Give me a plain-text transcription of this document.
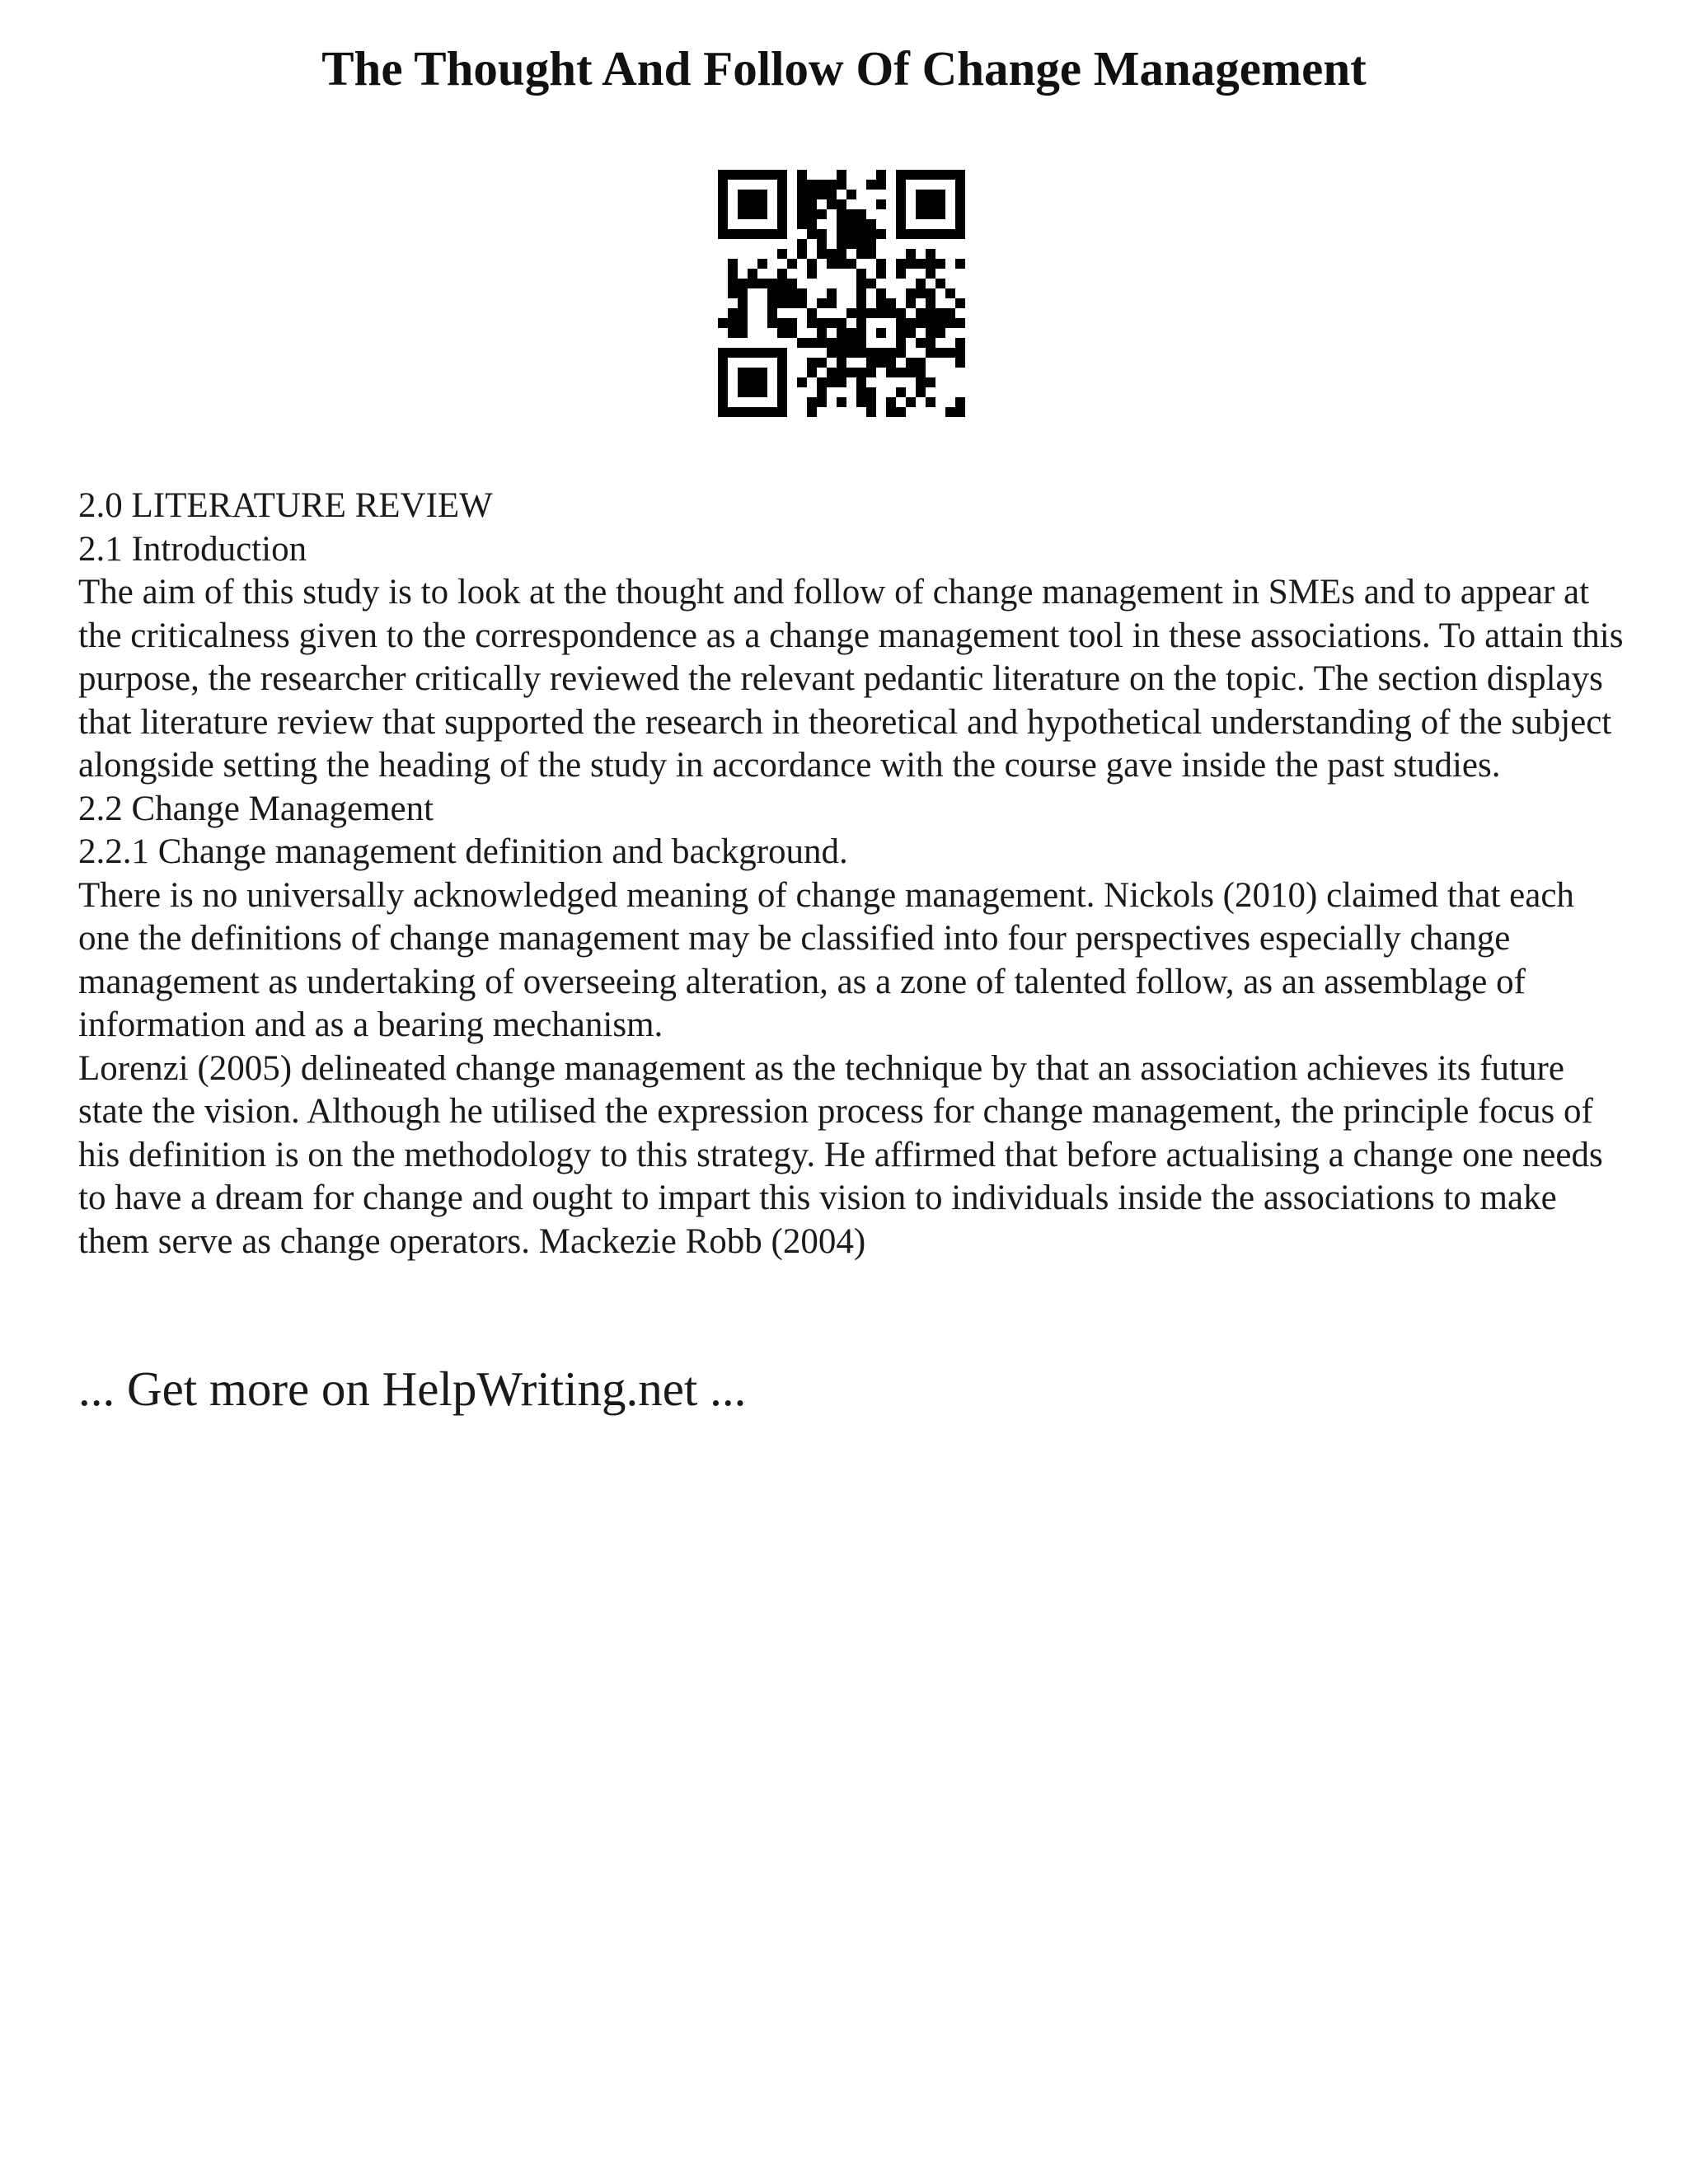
The Thought And Follow Of Change Management

2.0 LITERATURE REVIEW

2.1 Introduction

The aim of this study is to look at the thought and follow of change management in SMEs and to appear at the criticalness given to the correspondence as a change management tool in these associations. To attain this purpose, the researcher critically reviewed the relevant pedantic literature on the topic. The section displays that literature review that supported the research in theoretical and hypothetical understanding of the subject alongside setting the heading of the study in accordance with the course gave inside the past studies.

2.2 Change Management

2.2.1 Change management definition and background.

There is no universally acknowledged meaning of change management. Nickols (2010) claimed that each one the definitions of change management may be classified into four perspectives especially change management as undertaking of overseeing alteration, as a zone of talented follow, as an assemblage of information and as a bearing mechanism.

Lorenzi (2005) delineated change management as the technique by that an association achieves its future state the vision. Although he utilised the expression process for change management, the principle focus of his definition is on the methodology to this strategy. He affirmed that before actualising a change one needs to have a dream for change and ought to impart this vision to individuals inside the associations to make them serve as change operators. Mackezie Robb (2004)

... Get more on HelpWriting.net ...
